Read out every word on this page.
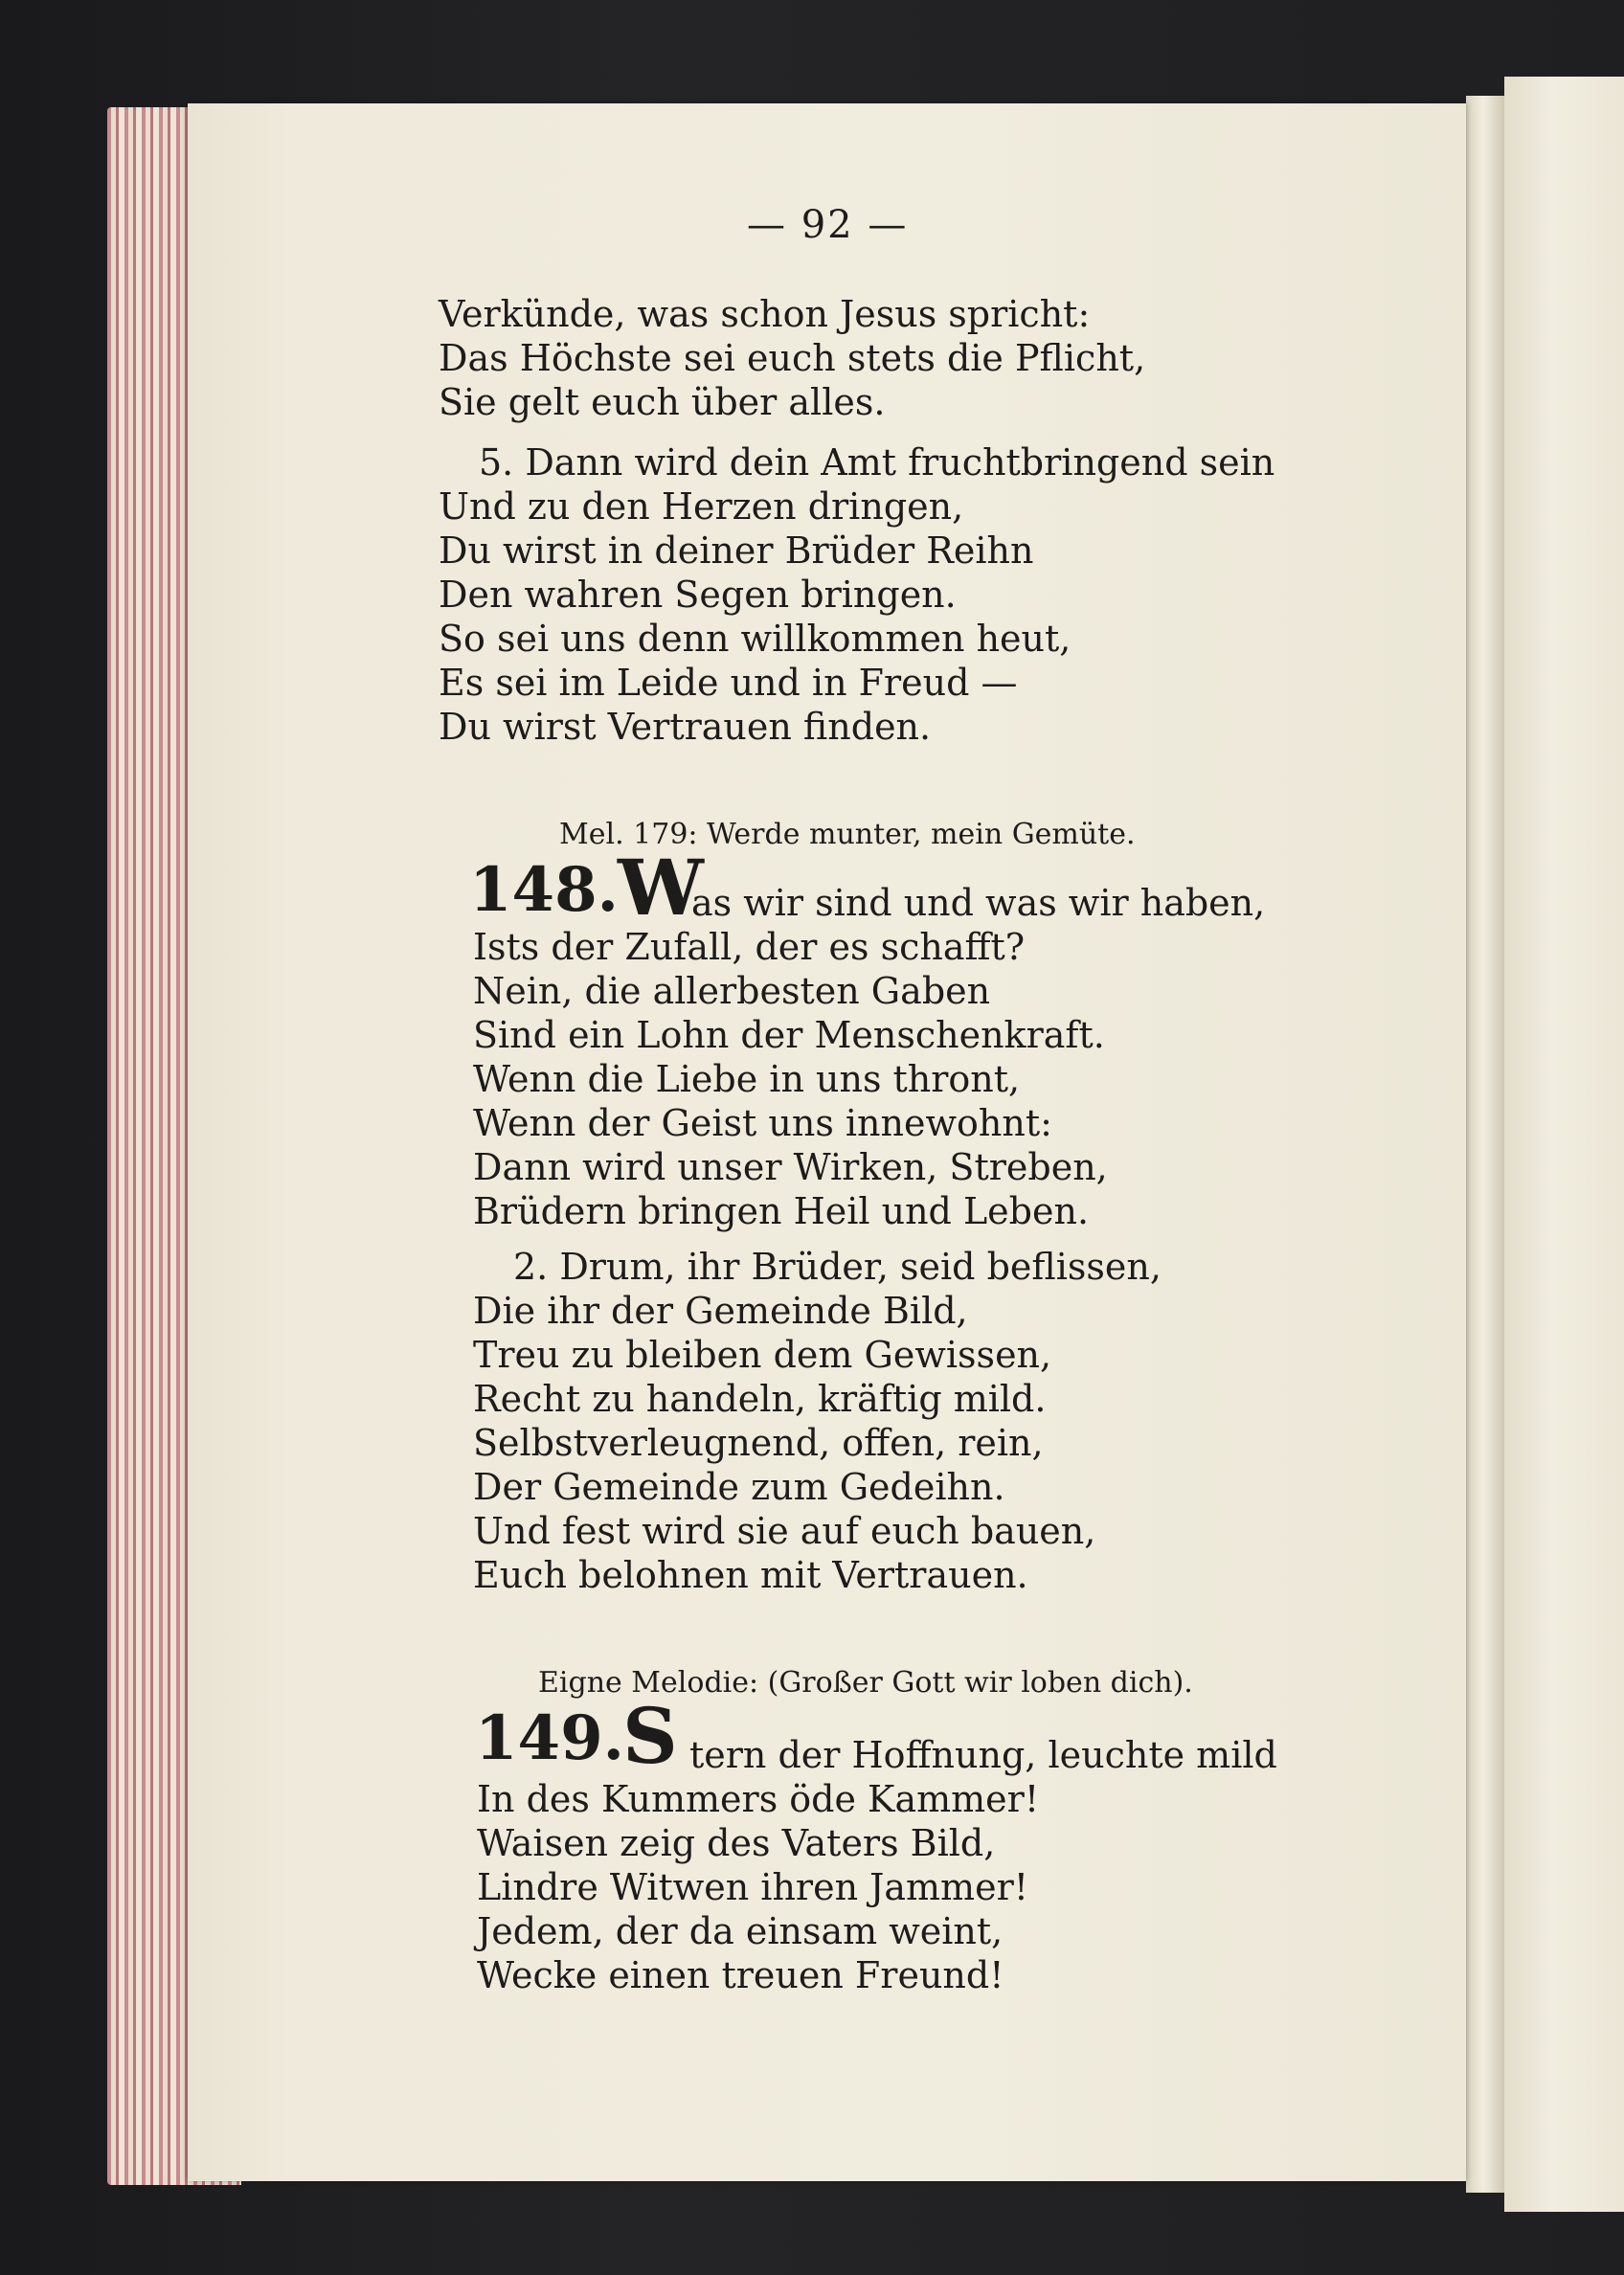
— 92 —
Verkünde, was schon Jesus spricht:
Das Höchste sei euch stets die Pflicht,
Sie gelt euch über alles.
5. Dann wird dein Amt fruchtbringend sein
Und zu den Herzen dringen,
Du wirst in deiner Brüder Reihn
Den wahren Segen bringen.
So sei uns denn willkommen heut,
Es sei im Leide und in Freud —
Du wirst Vertrauen finden.
Mel. 179: Werde munter, mein Gemüte.
148. W
as wir sind und was wir haben,
Ists der Zufall, der es schafft?
Nein, die allerbesten Gaben
Sind ein Lohn der Menschenkraft.
Wenn die Liebe in uns thront,
Wenn der Geist uns innewohnt:
Dann wird unser Wirken, Streben,
Brüdern bringen Heil und Leben.
2. Drum, ihr Brüder, seid beflissen,
Die ihr der Gemeinde Bild,
Treu zu bleiben dem Gewissen,
Recht zu handeln, kräftig mild.
Selbstverleugnend, offen, rein,
Der Gemeinde zum Gedeihn.
Und fest wird sie auf euch bauen,
Euch belohnen mit Vertrauen.
Eigne Melodie: (Großer Gott wir loben dich).
149.
S tern der Hoffnung, leuchte mild
In des Kummers öde Kammer!
Waisen zeig des Vaters Bild,
Lindre Witwen ihren Jammer!
Jedem, der da einsam weint,
Wecke einen treuen Freund!
